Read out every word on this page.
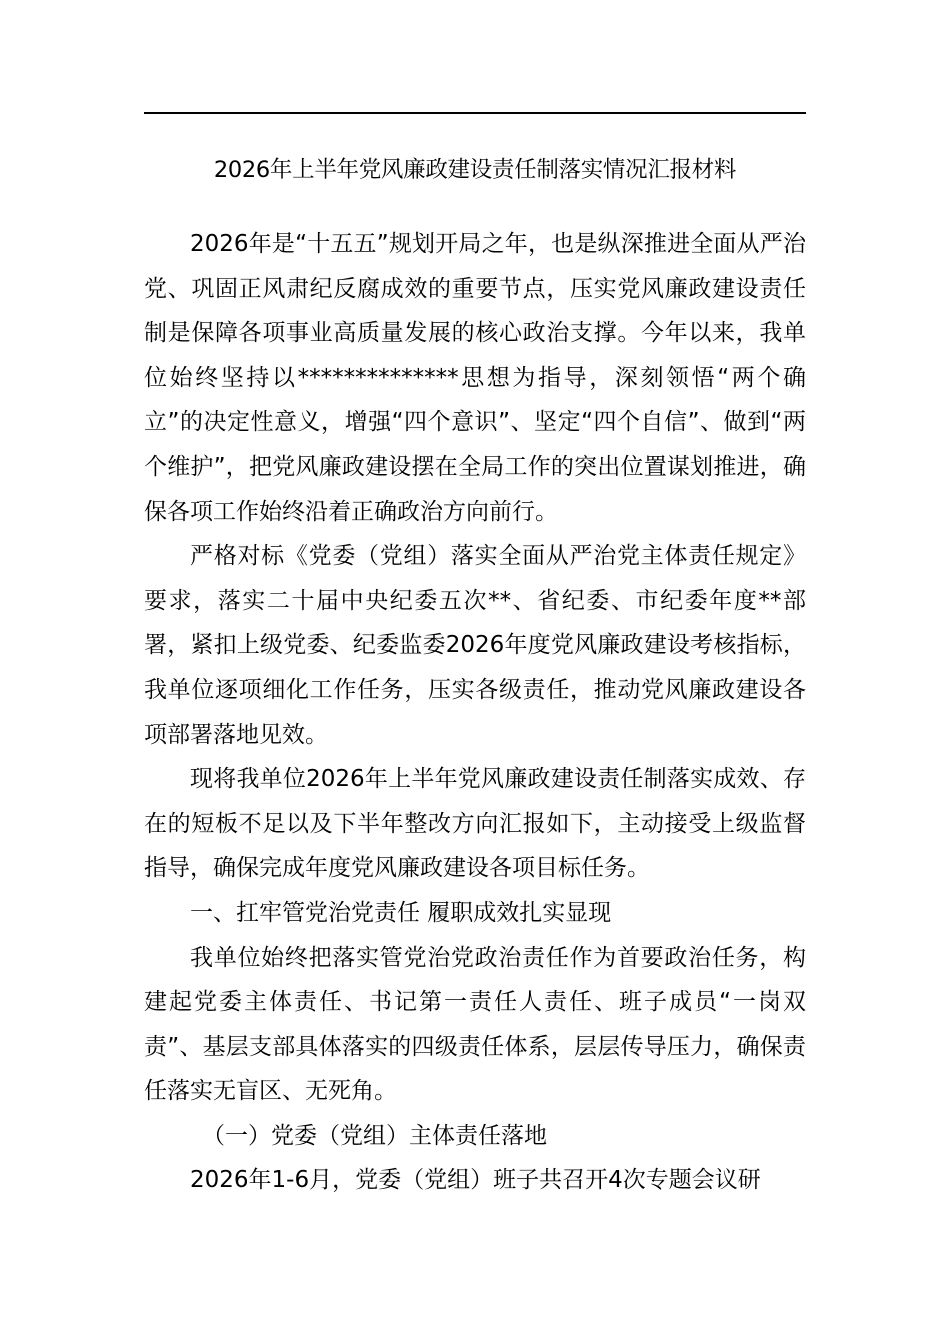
2026年上半年党风廉政建设责任制落实情况汇报材料

2026年是“十五五”规划开局之年，也是纵深推进全面从严治党、巩固正风肃纪反腐成效的重要节点，压实党风廉政建设责任制是保障各项事业高质量发展的核心政治支撑。今年以来，我单位始终坚持以**************思想为指导，深刻领悟“两个确立”的决定性意义，增强“四个意识”、坚定“四个自信”、做到“两个维护”，把党风廉政建设摆在全局工作的突出位置谋划推进，确保各项工作始终沿着正确政治方向前行。

严格对标《党委（党组）落实全面从严治党主体责任规定》要求，落实二十届中央纪委五次**、省纪委、市纪委年度**部署，紧扣上级党委、纪委监委2026年度党风廉政建设考核指标，我单位逐项细化工作任务，压实各级责任，推动党风廉政建设各项部署落地见效。

现将我单位2026年上半年党风廉政建设责任制落实成效、存在的短板不足以及下半年整改方向汇报如下，主动接受上级监督指导，确保完成年度党风廉政建设各项目标任务。

一、扛牢管党治党责任 履职成效扎实显现

我单位始终把落实管党治党政治责任作为首要政治任务，构建起党委主体责任、书记第一责任人责任、班子成员“一岗双责”、基层支部具体落实的四级责任体系，层层传导压力，确保责任落实无盲区、无死角。

（一）党委（党组）主体责任落地

2026年1-6月，党委（党组）班子共召开4次专题会议研
